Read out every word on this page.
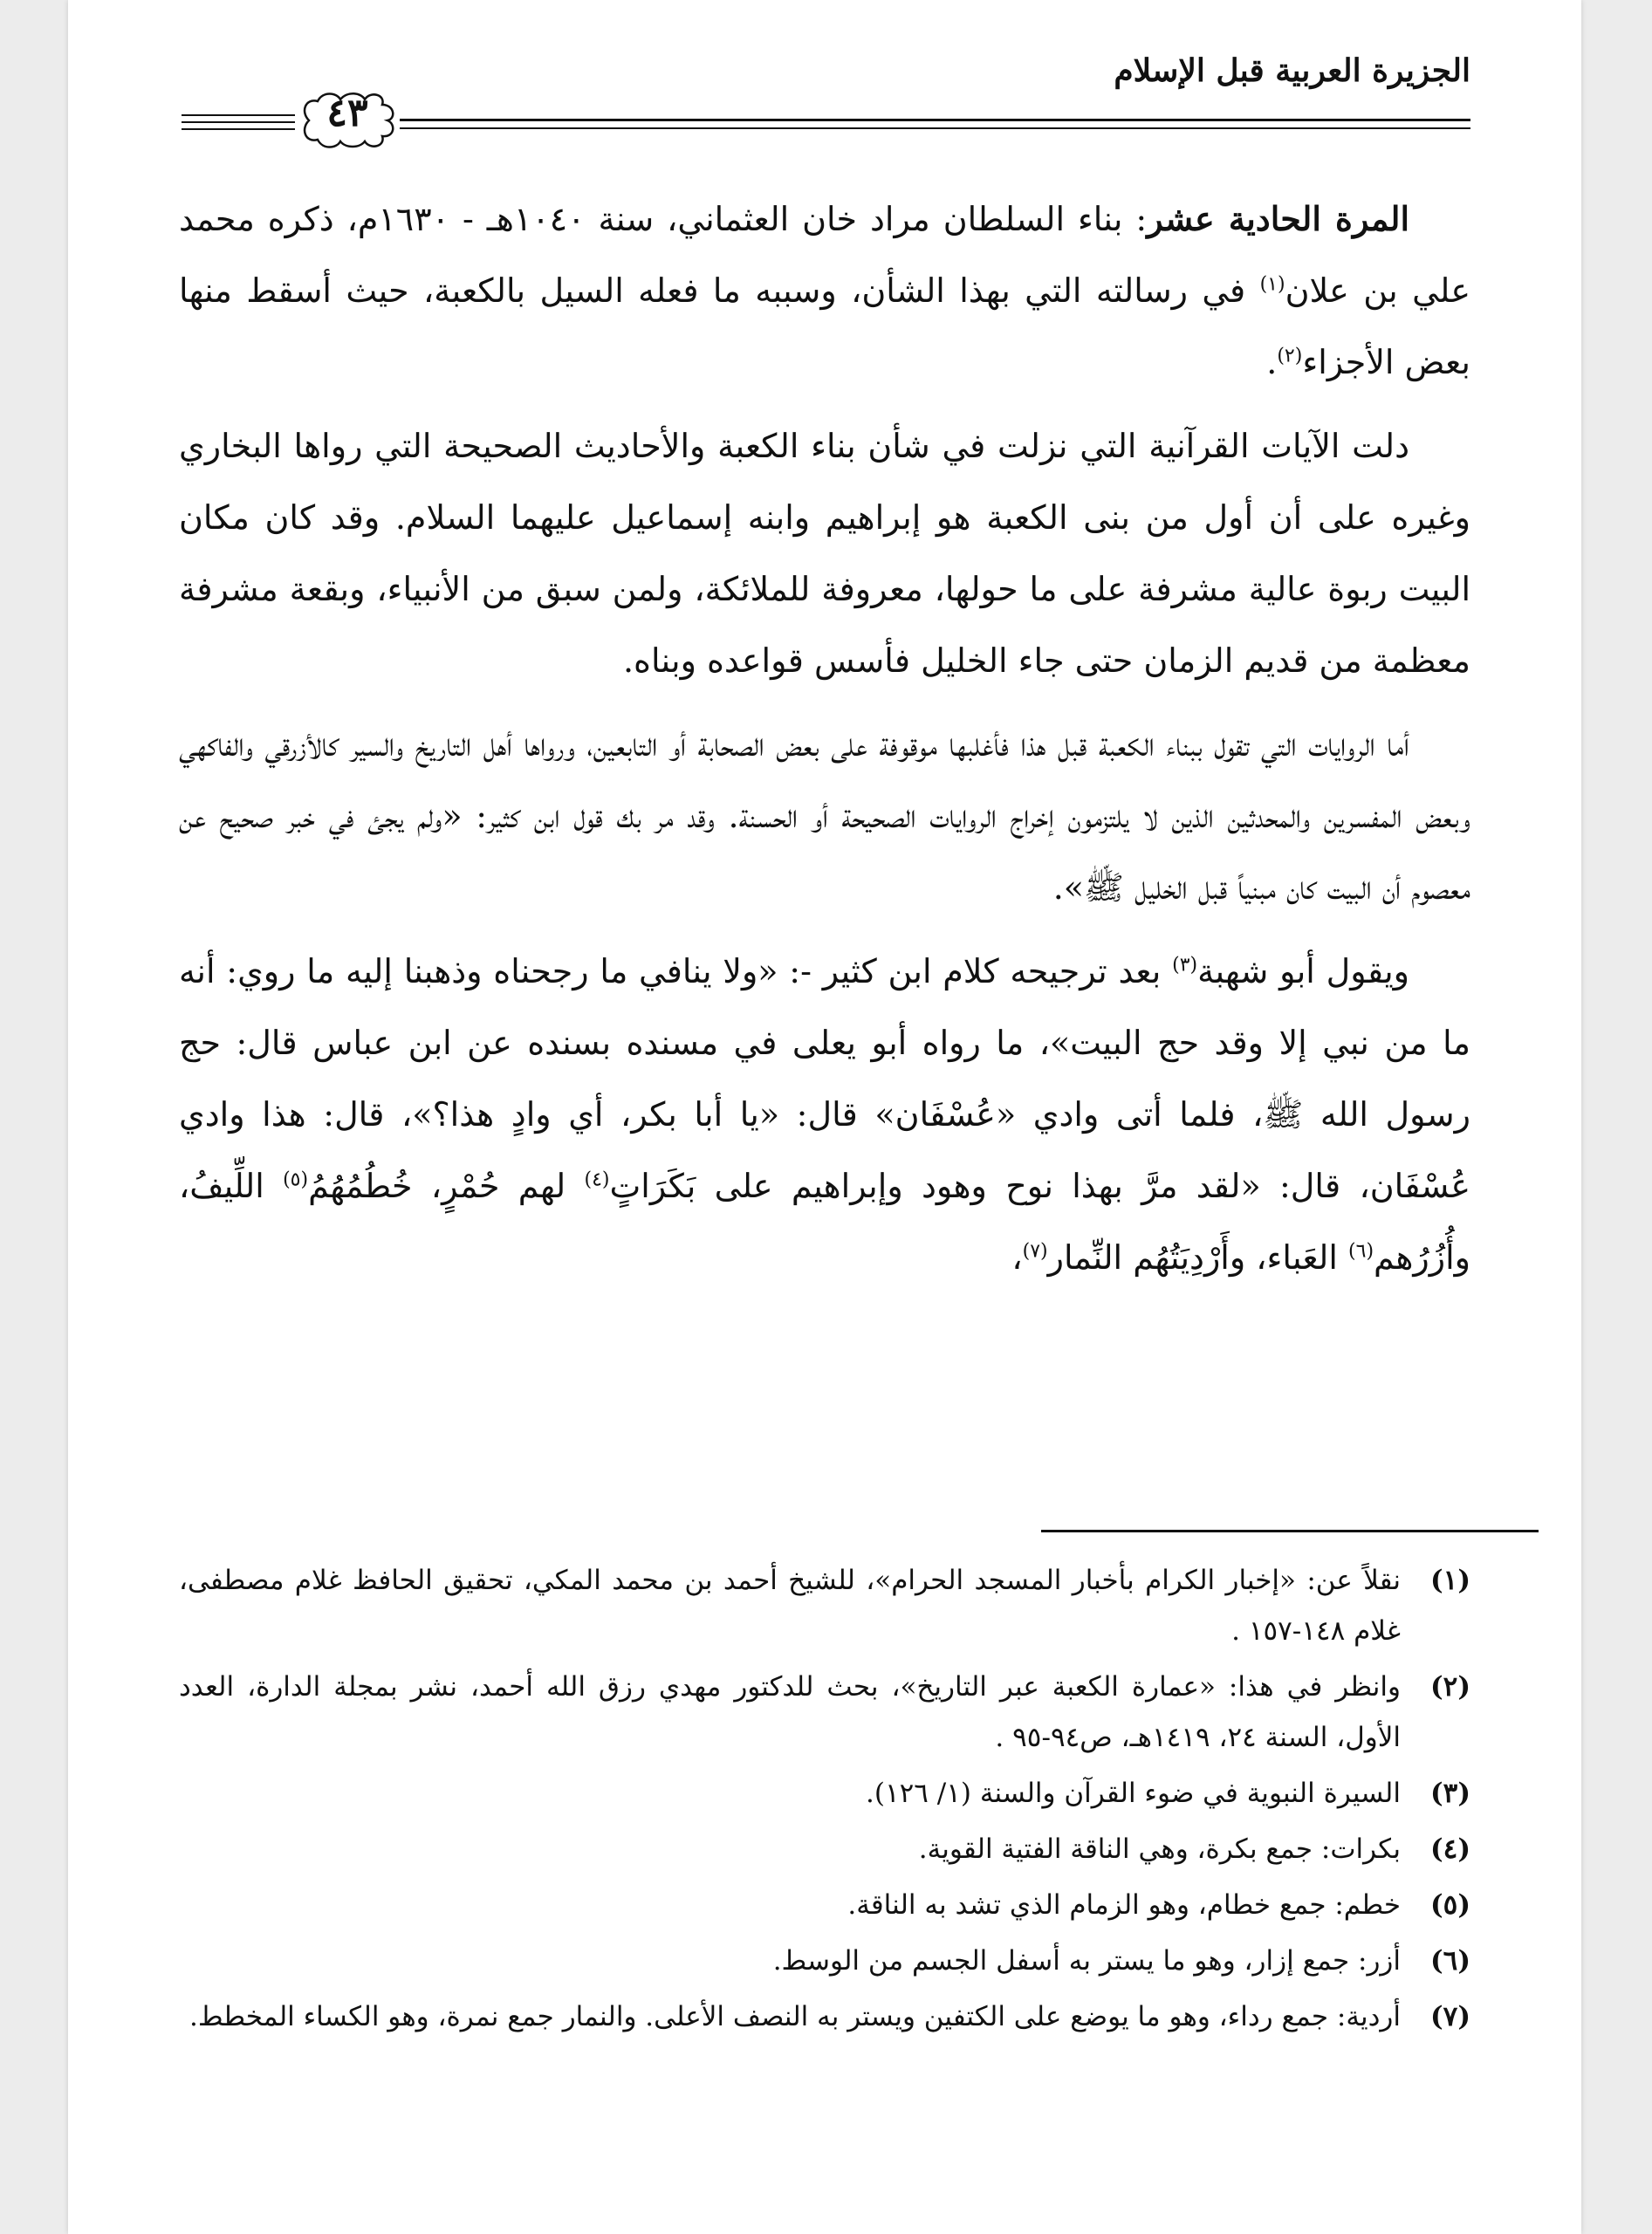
الجزيرة العربية قبل الإسلام
٤٣

المرة الحادية عشر: بناء السلطان مراد خان العثماني، سنة ١٠٤٠هـ - ١٦٣٠م، ذكره محمد علي بن علان$^{(١)}$ في رسالته التي بهذا الشأن، وسببه ما فعله السيل بالكعبة، حيث أسقط منها بعض الأجزاء$^{(٢)}$.

دلت الآيات القرآنية التي نزلت في شأن بناء الكعبة والأحاديث الصحيحة التي رواها البخاري وغيره على أن أول من بنى الكعبة هو إبراهيم وابنه إسماعيل عليهما السلام. وقد كان مكان البيت ربوة عالية مشرفة على ما حولها، معروفة للملائكة، ولمن سبق من الأنبياء، وبقعة مشرفة معظمة من قديم الزمان حتى جاء الخليل فأسس قواعده وبناه.

أما الروايات التي تقول ببناء الكعبة قبل هذا فأغلبها موقوفة على بعض الصحابة أو التابعين، ورواها أهل التاريخ والسير كالأزرقي والفاكهي وبعض المفسرين والمحدثين الذين لا يلتزمون إخراج الروايات الصحيحة أو الحسنة. وقد مر بك قول ابن كثير: «ولم يجئ في خبر صحيح عن معصوم أن البيت كان مبنياً قبل الخليل ﷺ».

ويقول أبو شهبة$^{(٣)}$ بعد ترجيحه كلام ابن كثير -: «ولا ينافي ما رجحناه وذهبنا إليه ما روي: أنه ما من نبي إلا وقد حج البيت»، ما رواه أبو يعلى في مسنده بسنده عن ابن عباس قال: حج رسول الله ﷺ، فلما أتى وادي «عُسْفَان» قال: «يا أبا بكر، أي وادٍ هذا؟»، قال: هذا وادي عُسْفَان، قال: «لقد مرَّ بهذا نوح وهود وإبراهيم على بَكَرَاتٍ$^{(٤)}$ لهم حُمْرٍ، خُطُمُهُمُ$^{(٥)}$ اللِّيفُ، وأُزُرُهم$^{(٦)}$ العَباء، وأَرْدِيَتُهُم النِّمار$^{(٧)}$،

(١)
نقلاً عن: «إخبار الكرام بأخبار المسجد الحرام»، للشيخ أحمد بن محمد المكي، تحقيق الحافظ غلام مصطفى، غلام ١٤٨-١٥٧ .
(٢)
وانظر في هذا: «عمارة الكعبة عبر التاريخ»، بحث للدكتور مهدي رزق الله أحمد، نشر بمجلة الدارة، العدد الأول، السنة ٢٤، ١٤١٩هـ، ص٩٤-٩٥ .
(٣)
السيرة النبوية في ضوء القرآن والسنة (١/ ١٢٦).
(٤)
بكرات: جمع بكرة، وهي الناقة الفتية القوية.
(٥)
خطم: جمع خطام، وهو الزمام الذي تشد به الناقة.
(٦)
أزر: جمع إزار، وهو ما يستر به أسفل الجسم من الوسط.
(٧)
أردية: جمع رداء، وهو ما يوضع على الكتفين ويستر به النصف الأعلى. والنمار جمع نمرة، وهو الكساء المخطط.
